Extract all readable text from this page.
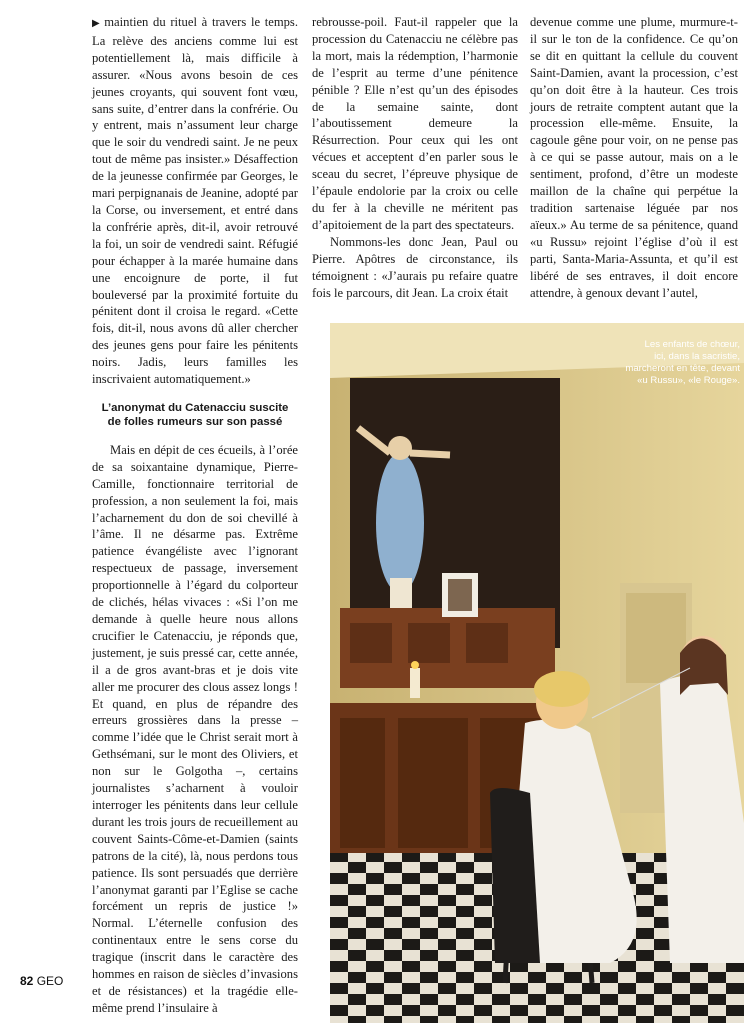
▶ maintien du rituel à travers le temps. La relève des anciens comme lui est potentiellement là, mais difficile à assurer. «Nous avons besoin de ces jeunes croyants, qui souvent font vœu, sans suite, d’entrer dans la confrérie. Ou y entrent, mais n’assument leur charge que le soir du vendredi saint. Je ne peux tout de même pas insister.» Désaffection de la jeunesse confirmée par Georges, le mari perpignanais de Jeanine, adopté par la Corse, ou inversement, et entré dans la confrérie après, dit-il, avoir retrouvé la foi, un soir de vendredi saint. Réfugié pour échapper à la marée humaine dans une encoignure de porte, il fut bouleversé par la proximité fortuite du pénitent dont il croisa le regard. «Cette fois, dit-il, nous avons dû aller chercher des jeunes gens pour faire les pénitents noirs. Jadis, leurs familles les inscrivaient automatiquement.»

L’anonymat du Catenacciu suscite
de folles rumeurs sur son passé

Mais en dépit de ces écueils, à l’orée de sa soixantaine dynamique, Pierre-Camille, fonctionnaire territorial de profession, a non seulement la foi, mais l’acharnement du don de soi chevillé à l’âme. Il ne désarme pas. Extrême patience évangéliste avec l’ignorant respectueux de passage, inversement proportionnelle à l’égard du colporteur de clichés, hélas vivaces : «Si l’on me demande à quelle heure nous allons crucifier le Catenacciu, je réponds que, justement, je suis pressé car, cette année, il a de gros avant-bras et je dois vite aller me procurer des clous assez longs ! Et quand, en plus de répandre des erreurs grossières dans la presse – comme l’idée que le Christ serait mort à Gethsémani, sur le mont des Oliviers, et non sur le Golgotha –, certains journalistes s’acharnent à vouloir interroger les pénitents dans leur cellule durant les trois jours de recueillement au couvent Saints-Côme-et-Damien (saints patrons de la cité), là, nous perdons tous patience. Ils sont persuadés que derrière l’anonymat garanti par l’Eglise se cache forcément un repris de justice !» Normal. L’éternelle confusion des continentaux entre le sens corse du tragique (inscrit dans le caractère des hommes en raison de siècles d’invasions et de résistances) et la tragédie elle-même prend l’insulaire à

rebrousse-poil. Faut-il rappeler que la procession du Catenacciu ne célèbre pas la mort, mais la rédemption, l’harmonie de l’esprit au terme d’une pénitence pénible ? Elle n’est qu’un des épisodes de la semaine sainte, dont l’aboutissement demeure la Résurrection. Pour ceux qui les ont vécues et acceptent d’en parler sous le sceau du secret, l’épreuve physique de l’épaule endolorie par la croix ou celle du fer à la cheville ne méritent pas d’apitoiement de la part des spectateurs.

Nommons-les donc Jean, Paul ou Pierre. Apôtres de circonstance, ils témoignent : «J’aurais pu refaire quatre fois le parcours, dit Jean. La croix était

devenue comme une plume, murmure-t-il sur le ton de la confidence. Ce qu’on se dit en quittant la cellule du couvent Saint-Damien, avant la procession, c’est qu’on doit être à la hauteur. Ces trois jours de retraite comptent autant que la procession elle-même. Ensuite, la cagoule gêne pour voir, on ne pense pas à ce qui se passe autour, mais on a le sentiment, profond, d’être un modeste maillon de la chaîne qui perpétue la tradition sartenaise léguée par nos aïeux.» Au terme de sa pénitence, quand «u Russu» rejoint l’église d’où il est parti, Santa-Maria-Assunta, et qu’il est libéré de ses entraves, il doit encore attendre, à genoux devant l’autel,

Les enfants de chœur,
ici, dans la sacristie,
marcheront en tête, devant
«u Russu», «le Rouge».
82 GEO
